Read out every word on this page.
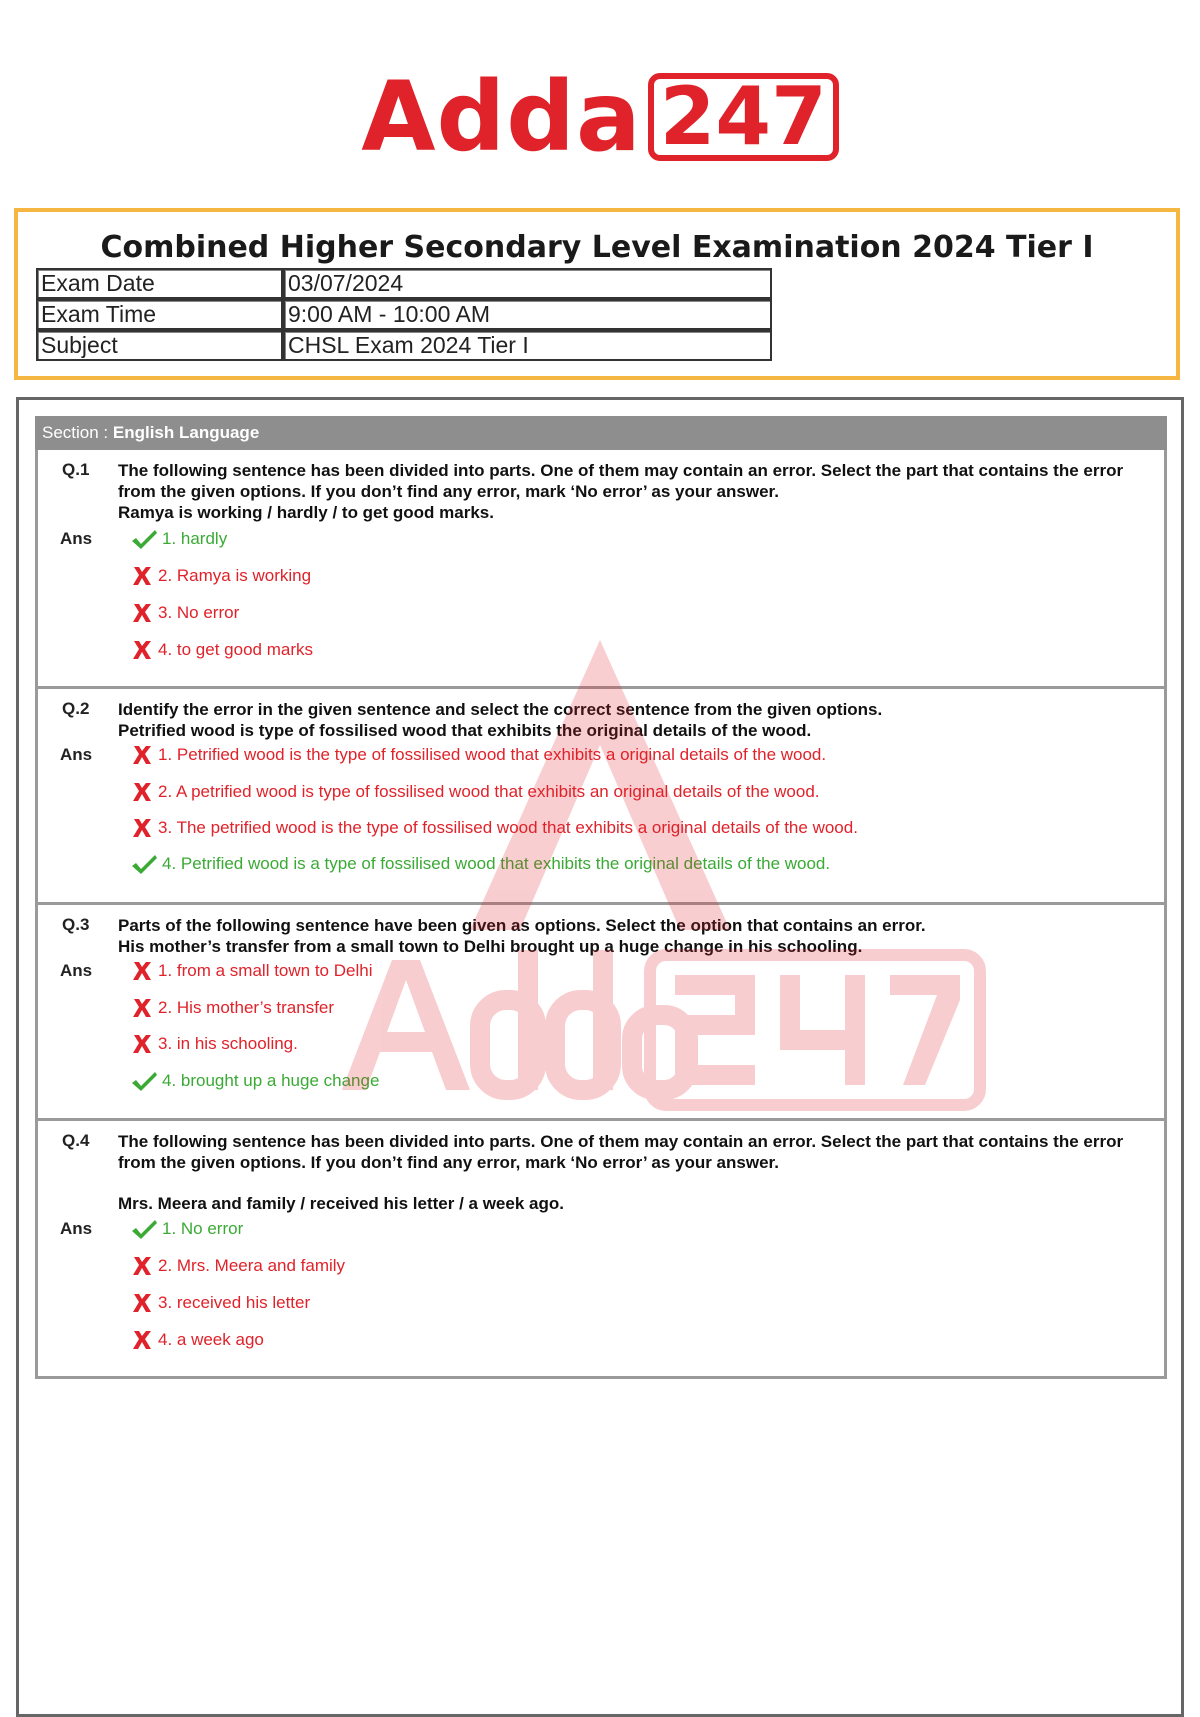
Adda 2 4 7
Combined Higher Secondary Level Examination 2024 Tier I
Exam Date	03/07/2024
Exam Time	9:00 AM - 10:00 AM
Subject	CHSL Exam 2024 Tier I
Section : English Language
Q.1 The following sentence has been divided into parts. One of them may contain an error. Select the part that contains the error from the given options. If you don’t find any error, mark ‘No error’ as your answer.

Ramya is working / hardly / to get good marks.

Ans	1. hardly
2. Ramya is working
3. No error
4. to get good marks
Q.2 Identify the error in the given sentence and select the correct sentence from the given options.

Petrified wood is type of fossilised wood that exhibits the original details of the wood.

Ans	1. Petrified wood is the type of fossilised wood that exhibits a original details of the wood.
2. A petrified wood is type of fossilised wood that exhibits an original details of the wood.
3. The petrified wood is the type of fossilised wood that exhibits a original details of the wood.
4. Petrified wood is a type of fossilised wood that exhibits the original details of the wood.
Q.3 Parts of the following sentence have been given as options. Select the option that contains an error.

His mother’s transfer from a small town to Delhi brought up a huge change in his schooling.

Ans	1. from a small town to Delhi
2. His mother’s transfer
3. in his schooling.
4. brought up a huge change
Q.4 The following sentence has been divided into parts. One of them may contain an error. Select the part that contains the error from the given options. If you don’t find any error, mark ‘No error’ as your answer.

Mrs. Meera and family / received his letter / a week ago.

Ans	1. No error
2. Mrs. Meera and family
3. received his letter
4. a week ago
